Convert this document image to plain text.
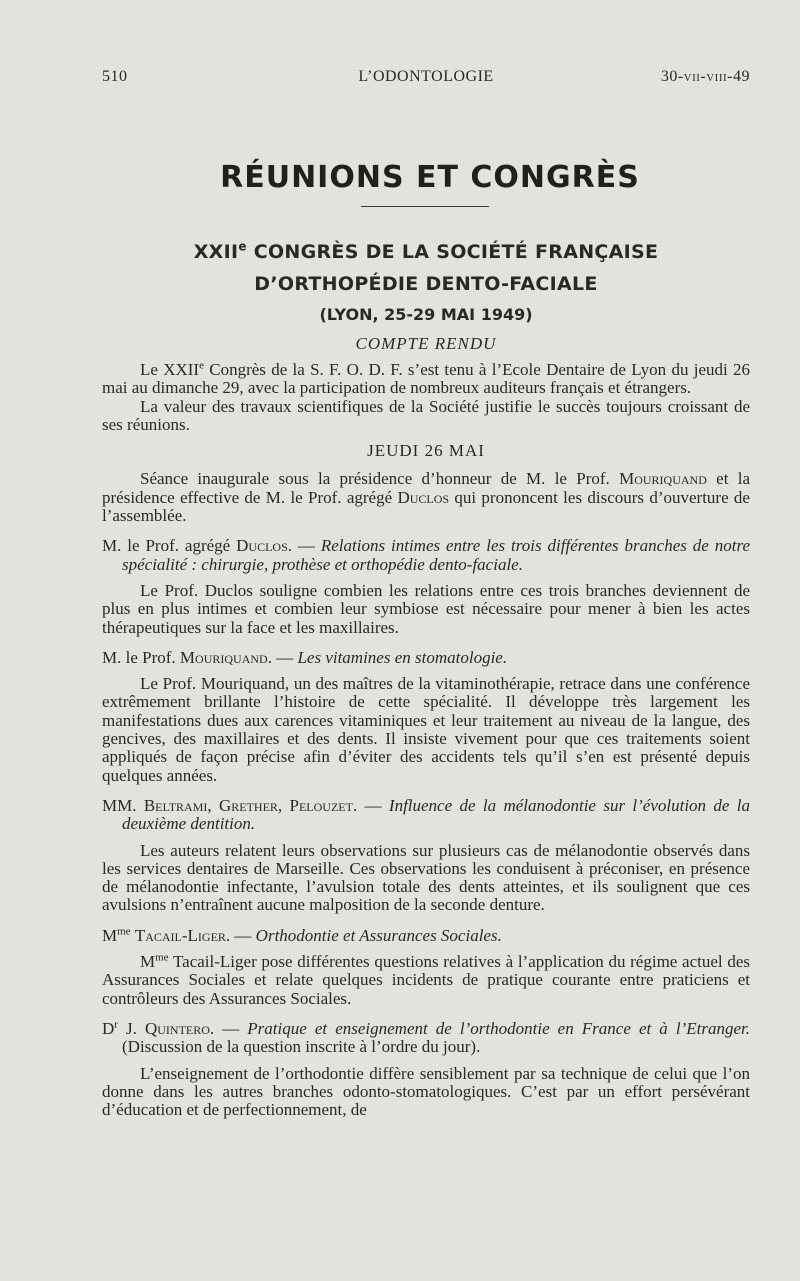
510	L’ODONTOLOGIE	30-vii-viii-49
RÉUNIONS ET CONGRÈS
XXIIe CONGRÈS DE LA SOCIÉTÉ FRANÇAISE
D’ORTHOPÉDIE DENTO-FACIALE
(LYON, 25-29 MAI 1949)
COMPTE RENDU

Le XXIIe Congrès de la S. F. O. D. F. s’est tenu à l’Ecole Dentaire de Lyon du jeudi 26 mai au dimanche 29, avec la participation de nombreux auditeurs français et étrangers.

La valeur des travaux scientifiques de la Société justifie le succès toujours croissant de ses réunions.

JEUDI 26 MAI

Séance inaugurale sous la présidence d’honneur de M. le Prof. Mouriquand et la présidence effective de M. le Prof. agrégé Duclos qui prononcent les discours d’ouverture de l’assemblée.

M. le Prof. agrégé Duclos. — Relations intimes entre les trois différentes branches de notre spécialité : chirurgie, prothèse et orthopédie dento-faciale.

Le Prof. Duclos souligne combien les relations entre ces trois branches deviennent de plus en plus intimes et combien leur symbiose est nécessaire pour mener à bien les actes thérapeutiques sur la face et les maxillaires.

M. le Prof. Mouriquand. — Les vitamines en stomatologie.

Le Prof. Mouriquand, un des maîtres de la vitaminothérapie, retrace dans une conférence extrêmement brillante l’histoire de cette spécialité. Il développe très largement les manifestations dues aux carences vitaminiques et leur traitement au niveau de la langue, des gencives, des maxillaires et des dents. Il insiste vivement pour que ces traitements soient appliqués de façon précise afin d’éviter des accidents tels qu’il s’en est présenté depuis quelques années.

MM. Beltrami, Grether, Pelouzet. — Influence de la mélanodontie sur l’évolution de la deuxième dentition.

Les auteurs relatent leurs observations sur plusieurs cas de mélanodontie observés dans les services dentaires de Marseille. Ces observations les conduisent à préconiser, en présence de mélanodontie infectante, l’avulsion totale des dents atteintes, et ils soulignent que ces avulsions n’entraînent aucune malposition de la seconde denture.

$M^{me}$ Tacail-Liger. — Orthodontie et Assurances Sociales.

$M^{me}$ Tacail-Liger pose différentes questions relatives à l’application du régime actuel des Assurances Sociales et relate quelques incidents de pratique courante entre praticiens et contrôleurs des Assurances Sociales.

$D^r$ J. Quintero. — Pratique et enseignement de l’orthodontie en France et à l’Etranger. (Discussion de la question inscrite à l’ordre du jour).

L’enseignement de l’orthodontie diffère sensiblement par sa technique de celui que l’on donne dans les autres branches odonto-stomatologiques. C’est par un effort persévérant d’éducation et de perfectionnement, de
